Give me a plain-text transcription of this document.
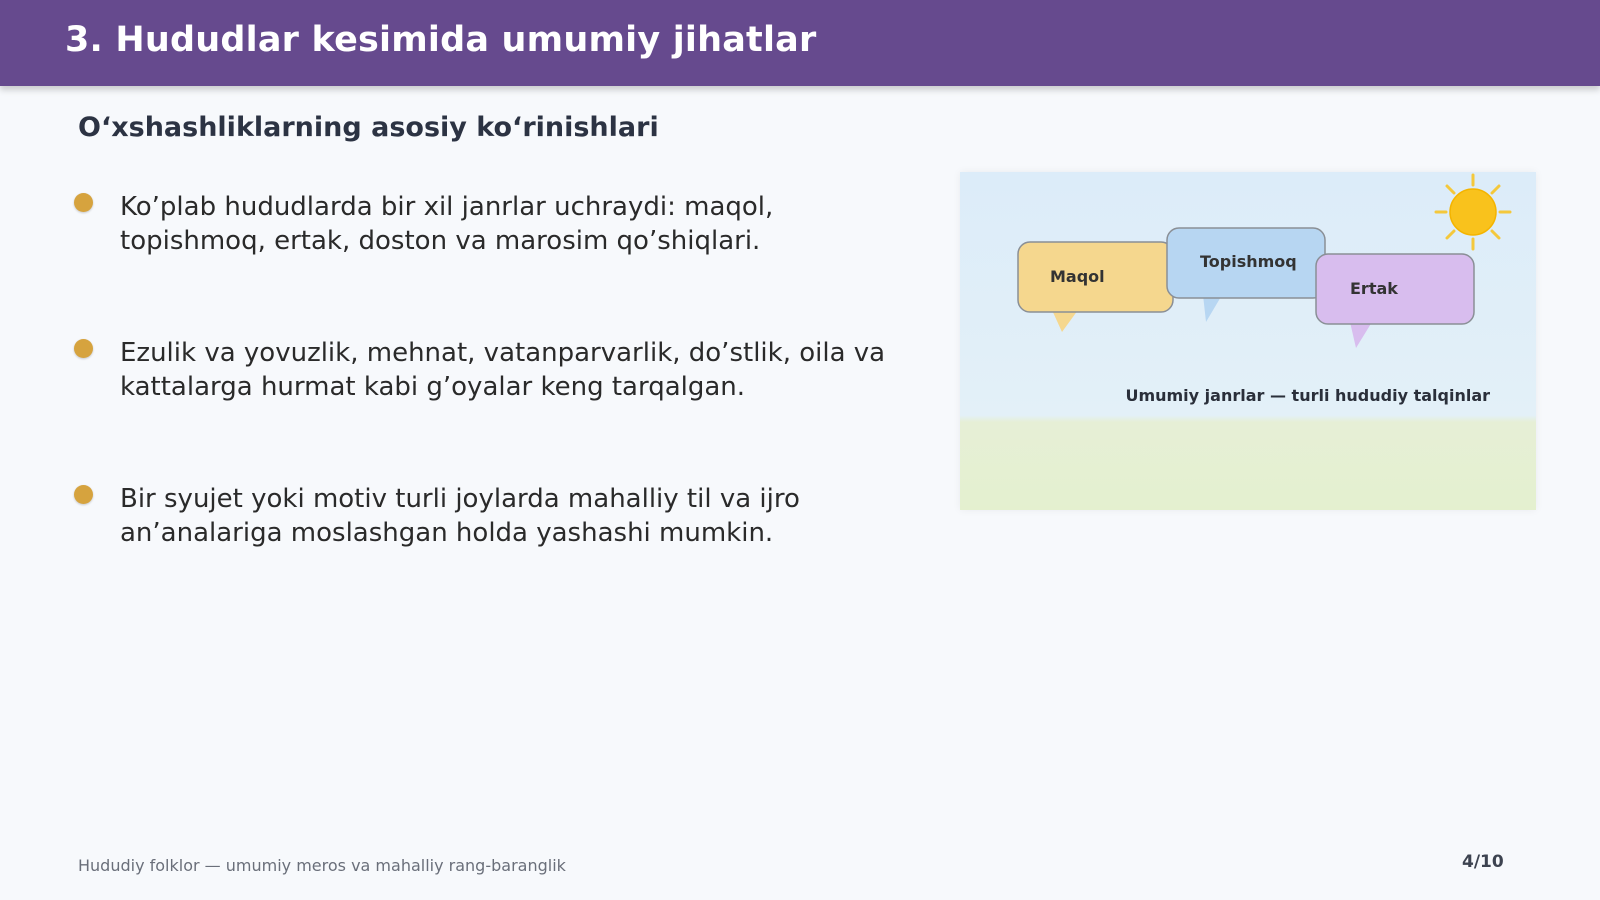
3. Hududlar kesimida umumiy jihatlar
O‘xshashliklarning asosiy ko‘rinishlari
Ko’plab hududlarda bir xil janrlar uchraydi: maqol,
topishmoq, ertak, doston va marosim qo’shiqlari.
Ezulik va yovuzlik, mehnat, vatanparvarlik, do’stlik, oila va
kattalarga hurmat kabi g’oyalar keng tarqalgan.
Bir syujet yoki motiv turli joylarda mahalliy til va ijro
an’analariga moslashgan holda yashashi mumkin.
Maqol
Topishmoq
Ertak
Umumiy janrlar — turli hududiy talqinlar
Hududiy folklor — umumiy meros va mahalliy rang-baranglik	4/10
